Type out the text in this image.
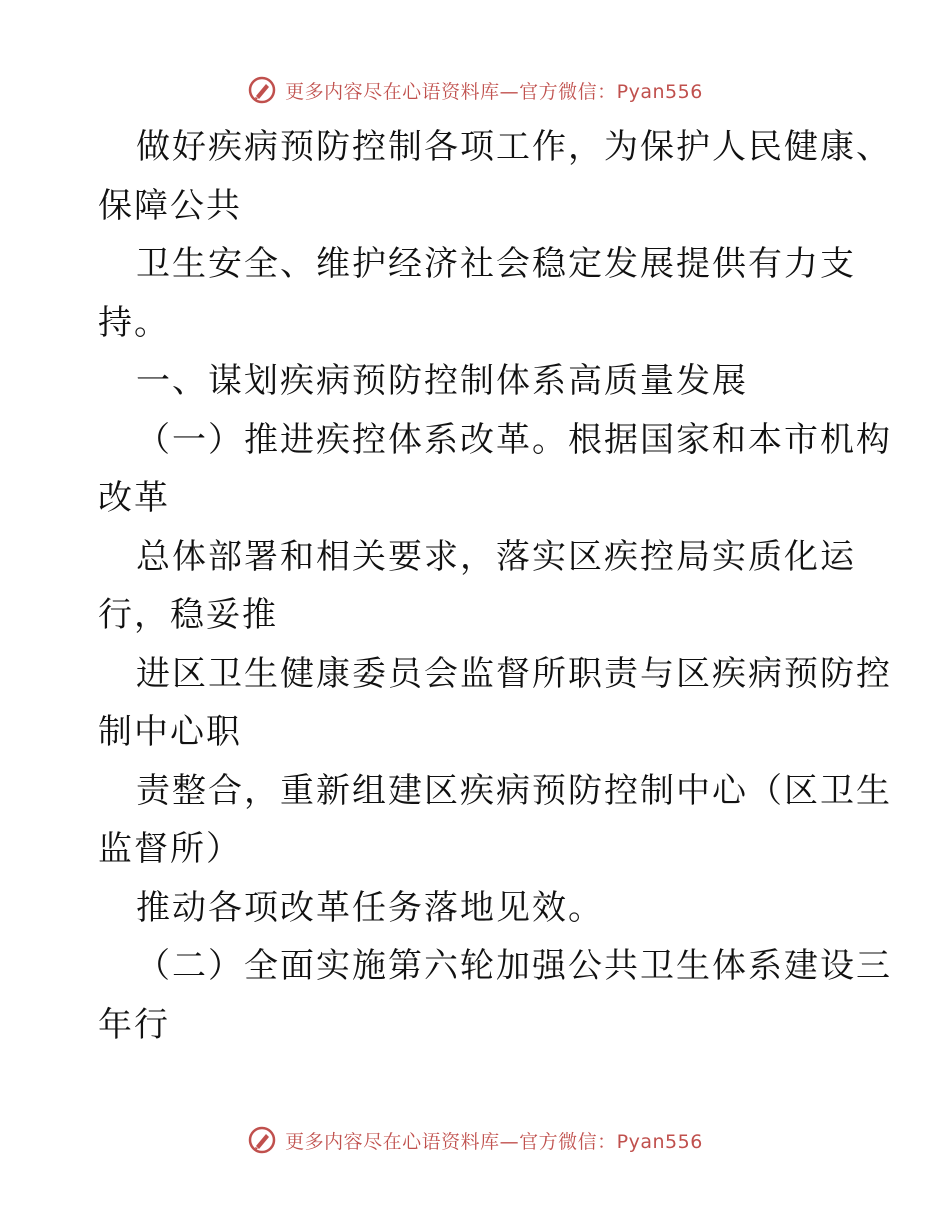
更多内容尽在心语资料库—官方微信：Pyan556
做好疾病预防控制各项工作，为保护人民健康、
保障公共
卫生安全、维护经济社会稳定发展提供有力支
持。
一、谋划疾病预防控制体系高质量发展
（一）推进疾控体系改革。根据国家和本市机构
改革
总体部署和相关要求，落实区疾控局实质化运
行，稳妥推
进区卫生健康委员会监督所职责与区疾病预防控
制中心职
责整合，重新组建区疾病预防控制中心（区卫生
监督所）
推动各项改革任务落地见效。
（二）全面实施第六轮加强公共卫生体系建设三
年行
更多内容尽在心语资料库—官方微信：Pyan556
